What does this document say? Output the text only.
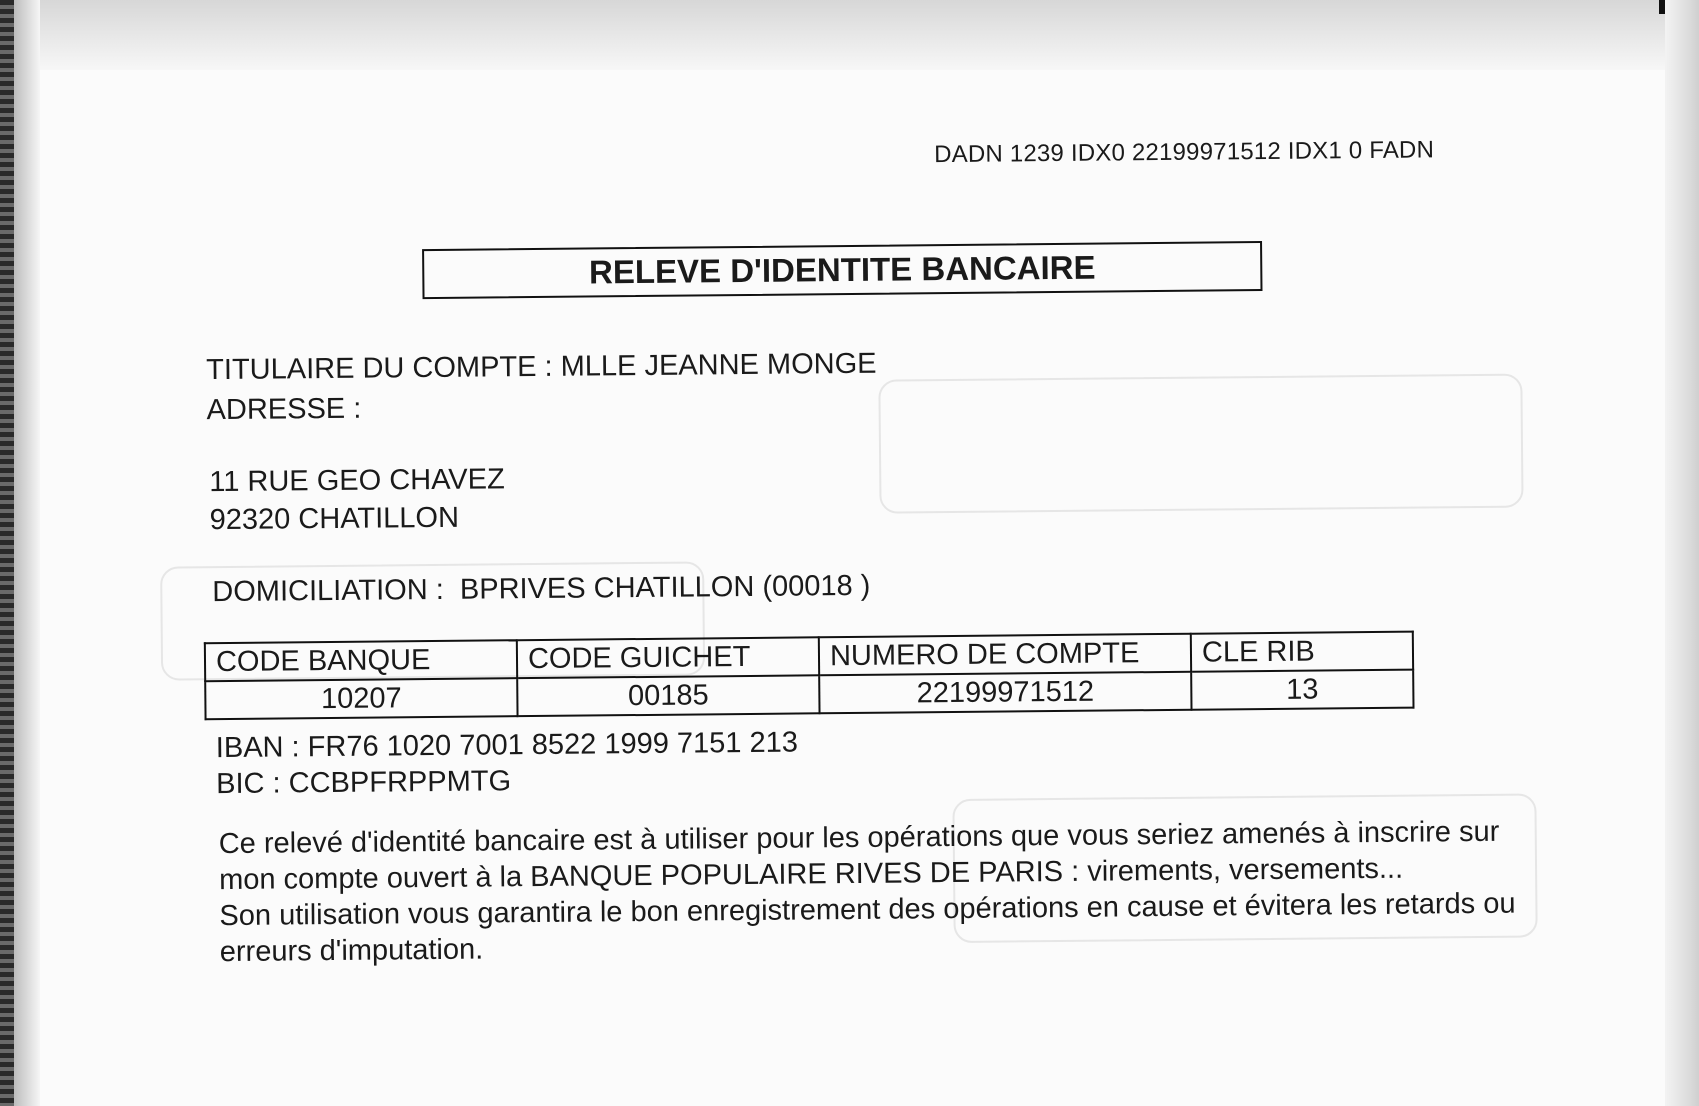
DADN 1239 IDX0 22199971512 IDX1 0 FADN
RELEVE D'IDENTITE BANCAIRE
TITULAIRE DU COMPTE : MLLE JEANNE MONGE
ADRESSE :
11 RUE GEO CHAVEZ
92320 CHATILLON
DOMICILIATION : BPRIVES CHATILLON (00018 )
CODE BANQUE	CODE GUICHET	NUMERO DE COMPTE	CLE RIB
10207	00185	22199971512	13
IBAN : FR76 1020 7001 8522 1999 7151 213
BIC : CCBPFRPPMTG

Ce relevé d'identité bancaire est à utiliser pour les opérations que vous seriez amenés à inscrire sur mon compte ouvert à la BANQUE POPULAIRE RIVES DE PARIS : virements, versements...

Son utilisation vous garantira le bon enregistrement des opérations en cause et évitera les retards ou erreurs d'imputation.
